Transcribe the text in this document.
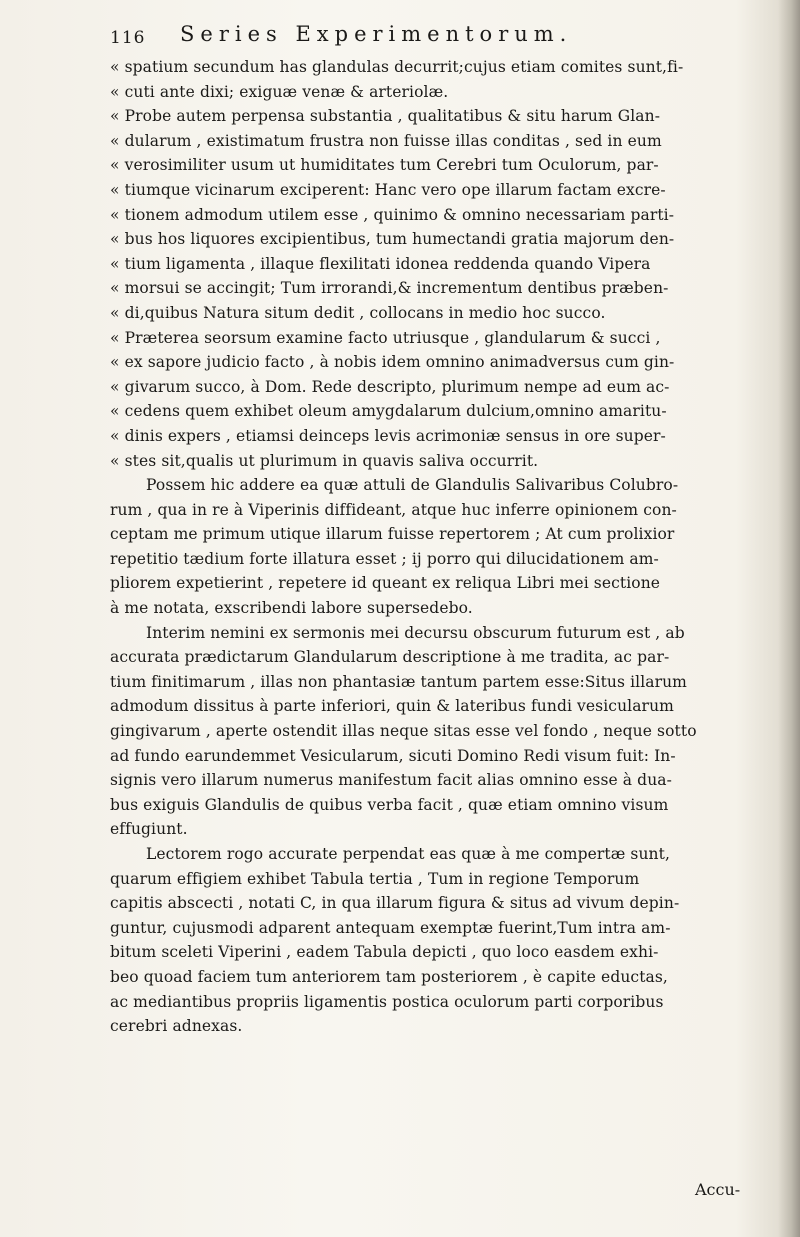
116 Series Experimentorum.
« spatium secundum has glandulas decurrit;cujus etiam comites sunt,fi-
« cuti ante dixi; exiguæ venæ & arteriolæ.
« Probe autem perpensa substantia , qualitatibus & situ harum Glan-
« dularum , existimatum frustra non fuisse illas conditas , sed in eum
« verosimiliter usum ut humiditates tum Cerebri tum Oculorum, par-
« tiumque vicinarum exciperent: Hanc vero ope illarum factam excre-
« tionem admodum utilem esse , quinimo & omnino necessariam parti-
« bus hos liquores excipientibus, tum humectandi gratia majorum den-
« tium ligamenta , illaque flexilitati idonea reddenda quando Vipera
« morsui se accingit; Tum irrorandi,& incrementum dentibus præben-
« di,quibus Natura situm dedit , collocans in medio hoc succo.
« Præterea seorsum examine facto utriusque , glandularum & succi ,
« ex sapore judicio facto , à nobis idem omnino animadversus cum gin-
« givarum succo, à Dom. Rede descripto, plurimum nempe ad eum ac-
« cedens quem exhibet oleum amygdalarum dulcium,omnino amaritu-
« dinis expers , etiamsi deinceps levis acrimoniæ sensus in ore super-
« stes sit,qualis ut plurimum in quavis saliva occurrit.
Possem hic addere ea quæ attuli de Glandulis Salivaribus Colubro-
rum , qua in re à Viperinis diffideant, atque huc inferre opinionem con-
ceptam me primum utique illarum fuisse repertorem ; At cum prolixior
repetitio tædium forte illatura esset ; ij porro qui dilucidationem am-
pliorem expetierint , repetere id queant ex reliqua Libri mei sectione
à me notata, exscribendi labore supersedebo.
Interim nemini ex sermonis mei decursu obscurum futurum est , ab
accurata prædictarum Glandularum descriptione à me tradita, ac par-
tium finitimarum , illas non phantasiæ tantum partem esse:Situs illarum
admodum dissitus à parte inferiori, quin & lateribus fundi vesicularum
gingivarum , aperte ostendit illas neque sitas esse vel fondo , neque sotto
ad fundo earundemmet Vesicularum, sicuti Domino Redi visum fuit: In-
signis vero illarum numerus manifestum facit alias omnino esse à dua-
bus exiguis Glandulis de quibus verba facit , quæ etiam omnino visum
effugiunt.
Lectorem rogo accurate perpendat eas quæ à me compertæ sunt,
quarum effigiem exhibet Tabula tertia , Tum in regione Temporum
capitis abscecti , notati C, in qua illarum figura & situs ad vivum depin-
guntur, cujusmodi adparent antequam exemptæ fuerint,Tum intra am-
bitum sceleti Viperini , eadem Tabula depicti , quo loco easdem exhi-
beo quoad faciem tum anteriorem tam posteriorem , è capite eductas,
ac mediantibus propriis ligamentis postica oculorum parti corporibus
cerebri adnexas.
Accu-
